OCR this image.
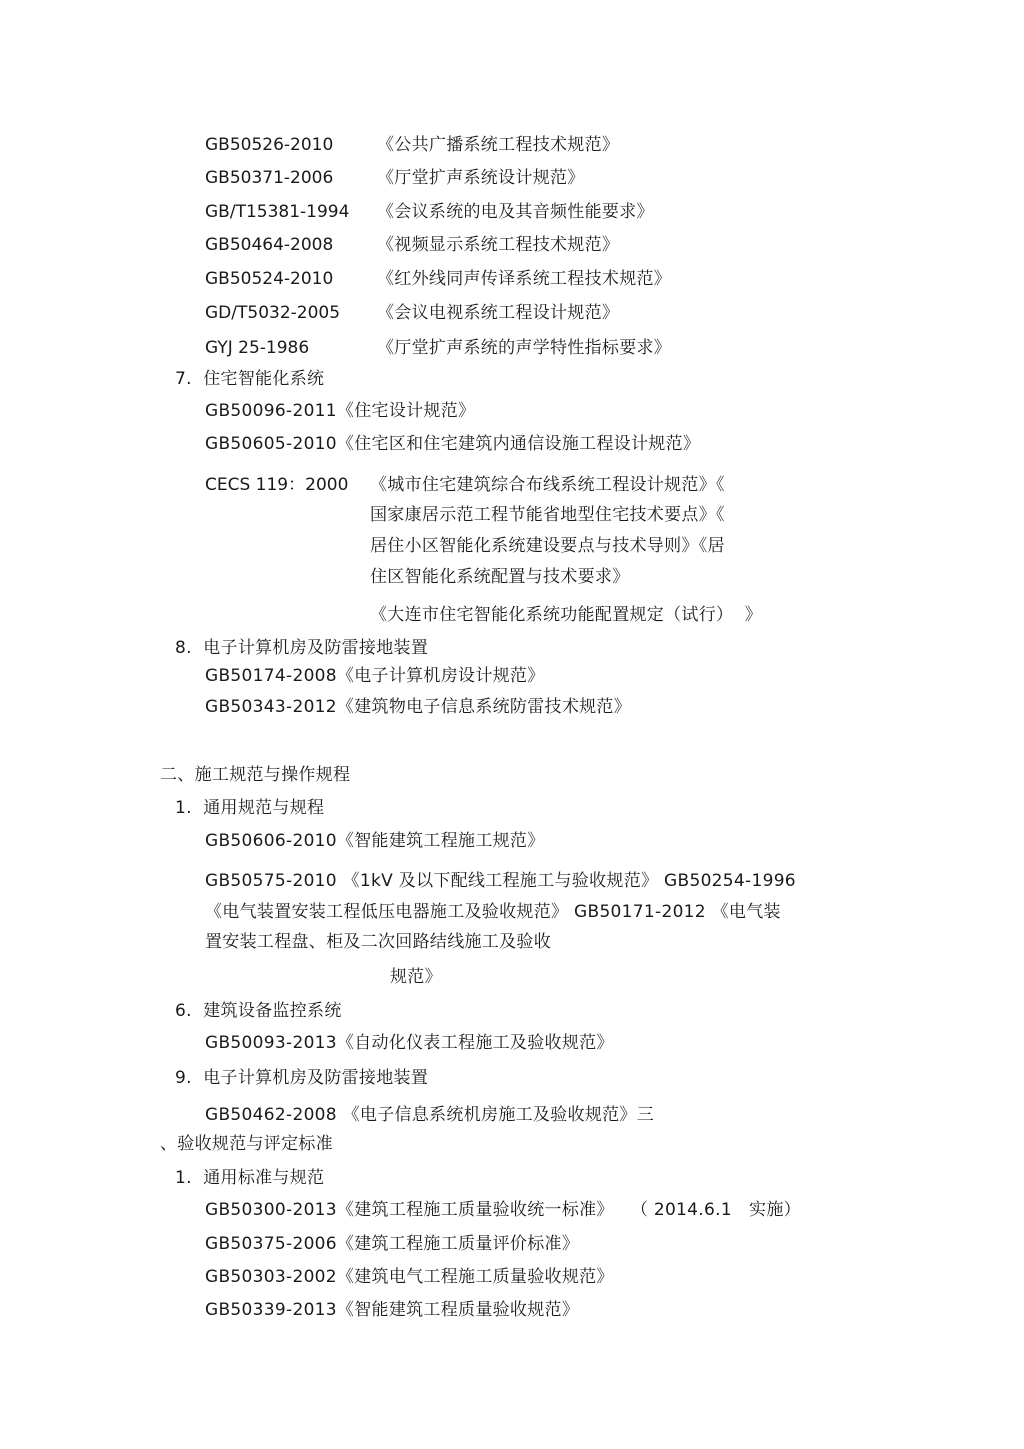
GB50526-2010	《公共广播系统工程技术规范》
GB50371-2006	《厅堂扩声系统设计规范》
GB/T15381-1994 《会议系统的电及其音频性能要求》
GB50464-2008	《视频显示系统工程技术规范》
GB50524-2010	《红外线同声传译系统工程技术规范》
GD/T5032-2005 《会议电视系统工程设计规范》
GYJ 25-1986	《厅堂扩声系统的声学特性指标要求》
7.  住宅智能化系统
GB50096-2011《住宅设计规范》
GB50605-2010《住宅区和住宅建筑内通信设施工程设计规范》
CECS 119：2000 《城市住宅建筑综合布线系统工程设计规范》《
国家康居示范工程节能省地型住宅技术要点》《
居住小区智能化系统建设要点与技术导则》《居
住区智能化系统配置与技术要求》
《大连市住宅智能化系统功能配置规定（试行）  》
8.  电子计算机房及防雷接地装置
GB50174-2008《电子计算机房设计规范》
GB50343-2012《建筑物电子信息系统防雷技术规范》
二、施工规范与操作规程
1.  通用规范与规程
GB50606-2010《智能建筑工程施工规范》
GB50575-2010 《1kV 及以下配线工程施工与验收规范》 GB50254-1996
《电气装置安装工程低压电器施工及验收规范》 GB50171-2012 《电气装
置安装工程盘、柜及二次回路结线施工及验收
规范》
6.  建筑设备监控系统
GB50093-2013《自动化仪表工程施工及验收规范》
9.  电子计算机房及防雷接地装置
GB50462-2008 《电子信息系统机房施工及验收规范》三
、验收规范与评定标准
1.  通用标准与规范
GB50300-2013《建筑工程施工质量验收统一标准》   （ 2014.6.1   实施）
GB50375-2006《建筑工程施工质量评价标准》
GB50303-2002《建筑电气工程施工质量验收规范》
GB50339-2013《智能建筑工程质量验收规范》
